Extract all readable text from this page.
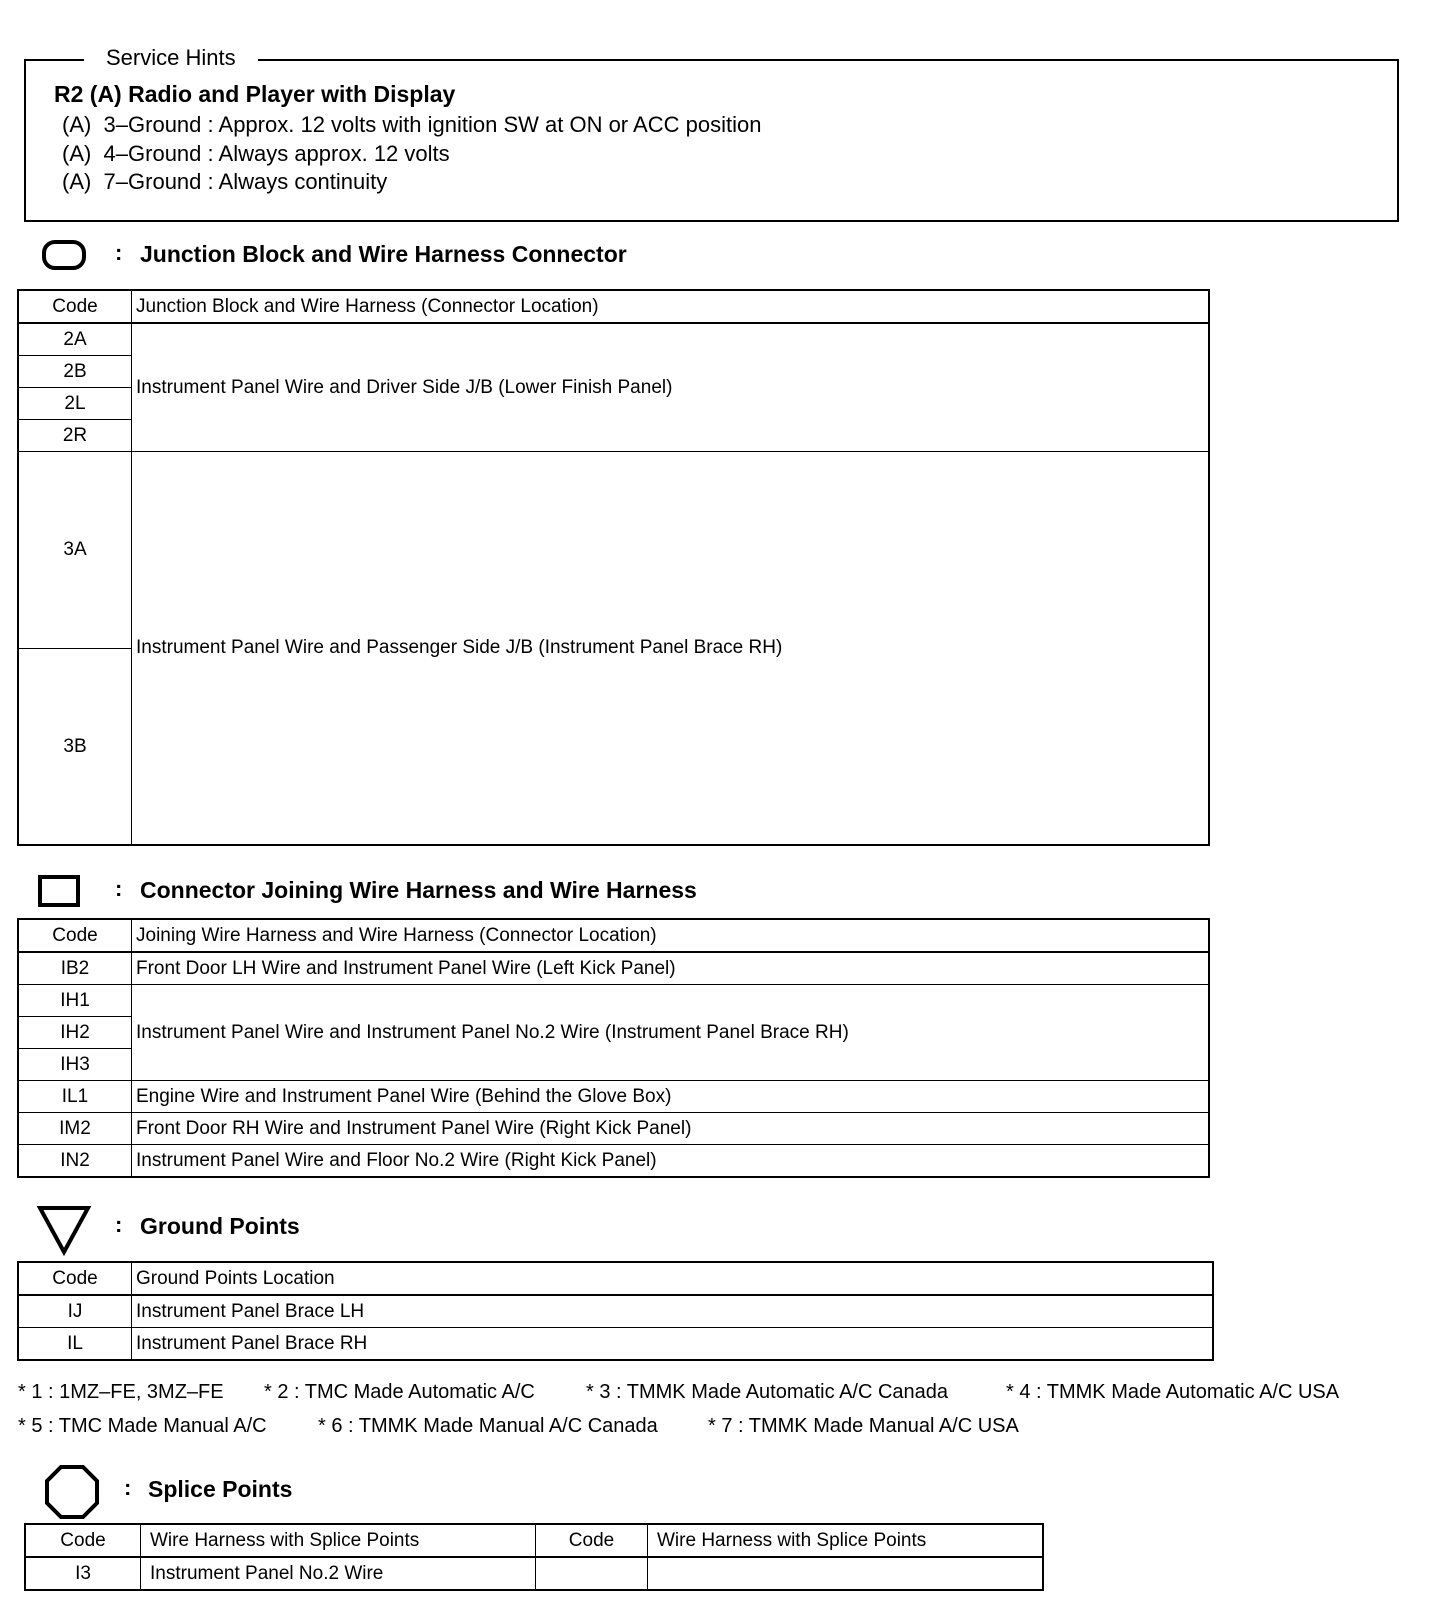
Service Hints
R2 (A) Radio and Player with Display
(A)  3–Ground : Approx. 12 volts with ignition SW at ON or ACC position
(A)  4–Ground : Always approx. 12 volts
(A)  7–Ground : Always continuity
: Junction Block and Wire Harness Connector
Code	Junction Block and Wire Harness (Connector Location)
2A	Instrument Panel Wire and Driver Side J/B (Lower Finish Panel)
2B	
2L	
2R	
3A	Instrument Panel Wire and Passenger Side J/B (Instrument Panel Brace RH)
3B	
: Connector Joining Wire Harness and Wire Harness
Code	Joining Wire Harness and Wire Harness (Connector Location)
IB2	Front Door LH Wire and Instrument Panel Wire (Left Kick Panel)
IH1	Instrument Panel Wire and Instrument Panel No.2 Wire (Instrument Panel Brace RH)
IH2	
IH3	
IL1	Engine Wire and Instrument Panel Wire (Behind the Glove Box)
IM2	Front Door RH Wire and Instrument Panel Wire (Right Kick Panel)
IN2	Instrument Panel Wire and Floor No.2 Wire (Right Kick Panel)
: Ground Points
Code	Ground Points Location
IJ	Instrument Panel Brace LH
IL	Instrument Panel Brace RH
* 1 : 1MZ–FE, 3MZ–FE * 2 : TMC Made Automatic A/C	* 3 : TMMK Made Automatic A/C Canada	* 4 : TMMK Made Automatic A/C USA
* 5 : TMC Made Manual A/C	* 6 : TMMK Made Manual A/C Canada	* 7 : TMMK Made Manual A/C USA
: Splice Points
Code	Wire Harness with Splice Points	Code	Wire Harness with Splice Points
I3	Instrument Panel No.2 Wire		
